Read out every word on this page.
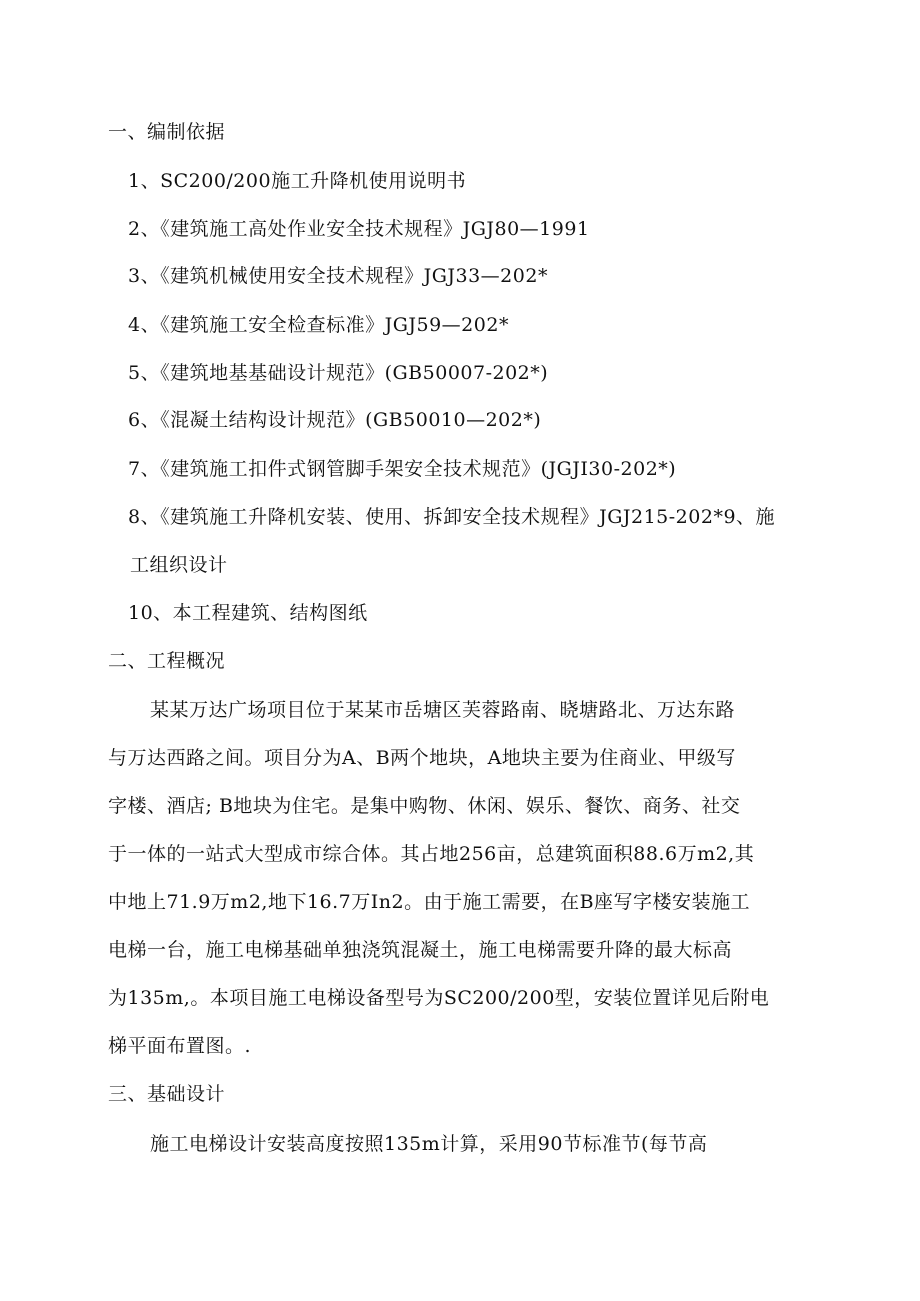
一、编制依据
1、SC200/200施工升降机使用说明书
2、《建筑施工高处作业安全技术规程》JGJ80—1991
3、《建筑机械使用安全技术规程》JGJ33—202*
4、《建筑施工安全检查标准》JGJ59—202*
5、《建筑地基基础设计规范》(GB50007-202*)
6、《混凝土结构设计规范》(GB50010—202*)
7、《建筑施工扣件式钢管脚手架安全技术规范》(JGJI30-202*)
8、《建筑施工升降机安装、使用、拆卸安全技术规程》JGJ215-202*9、施
工组织设计
10、本工程建筑、结构图纸
二、工程概况
某某万达广场项目位于某某市岳塘区芙蓉路南、晓塘路北、万达东路
与万达西路之间。项目分为A、B两个地块，A地块主要为住商业、甲级写
字楼、酒店; B地块为住宅。是集中购物、休闲、娱乐、餐饮、商务、社交
于一体的一站式大型成市综合体。其占地256亩，总建筑面积88.6万m2,其
中地上71.9万m2,地下16.7万In2。由于施工需要，在B座写字楼安装施工
电梯一台，施工电梯基础单独浇筑混凝土，施工电梯需要升降的最大标高
为135m,。本项目施工电梯设备型号为SC200/200型，安装位置详见后附电
梯平面布置图。.
三、基础设计
施工电梯设计安装高度按照135m计算，采用90节标准节(每节高
